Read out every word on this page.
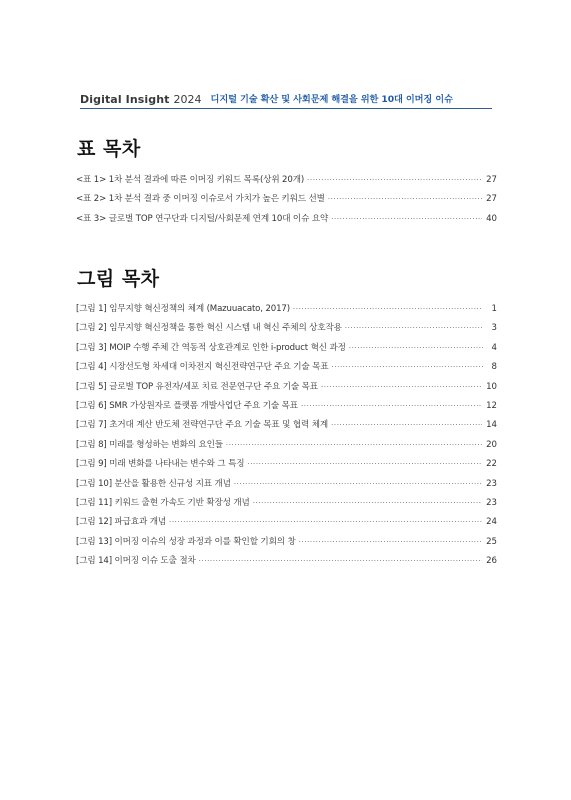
Digital Insight 2024 디지털 기술 확산 및 사회문제 해결을 위한 10대 이머징 이슈
표 목차
<표 1> 1차 분석 결과에 따른 이머징 키워드 목록(상위 20개) ·····	27
<표 2> 1차 분석 결과 중 이머징 이슈로서 가치가 높은 키워드 선별 ·····	27
<표 3> 글로벌 TOP 연구단과 디지털/사회문제 연계 10대 이슈 요약 ·····	40
그림 목차
[그림 1] 임무지향 혁신정책의 체계 (Mazuuacato, 2017) ·····	1
[그림 2] 임무지향 혁신정책을 통한 혁신 시스템 내 혁신 주체의 상호작용 ·····	3
[그림 3] MOIP 수행 주체 간 역동적 상호관계로 인한 i-product 혁신 과정 ·····	4
[그림 4] 시장선도형 차세대 이차전지 혁신전략연구단 주요 기술 목표 ·····	8
[그림 5] 글로벌 TOP 유전자/세포 치료 전문연구단 주요 기술 목표 ·····	10
[그림 6] SMR 가상원자로 플랫폼 개발사업단 주요 기술 목표 ·····	12
[그림 7] 초거대 계산 반도체 전략연구단 주요 기술 목표 및 협력 체계 ·····	14
[그림 8] 미래를 형성하는 변화의 요인들 ·····	20
[그림 9] 미래 변화를 나타내는 변수와 그 특징 ·····	22
[그림 10] 분산을 활용한 신규성 지표 개념 ·····	23
[그림 11] 키워드 출현 가속도 기반 확장성 개념 ·····	23
[그림 12] 파급효과 개념 ·····	24
[그림 13] 이머징 이슈의 성장 과정과 이를 확인할 기회의 창 ·····	25
[그림 14] 이머징 이슈 도출 절차 ·····	26
